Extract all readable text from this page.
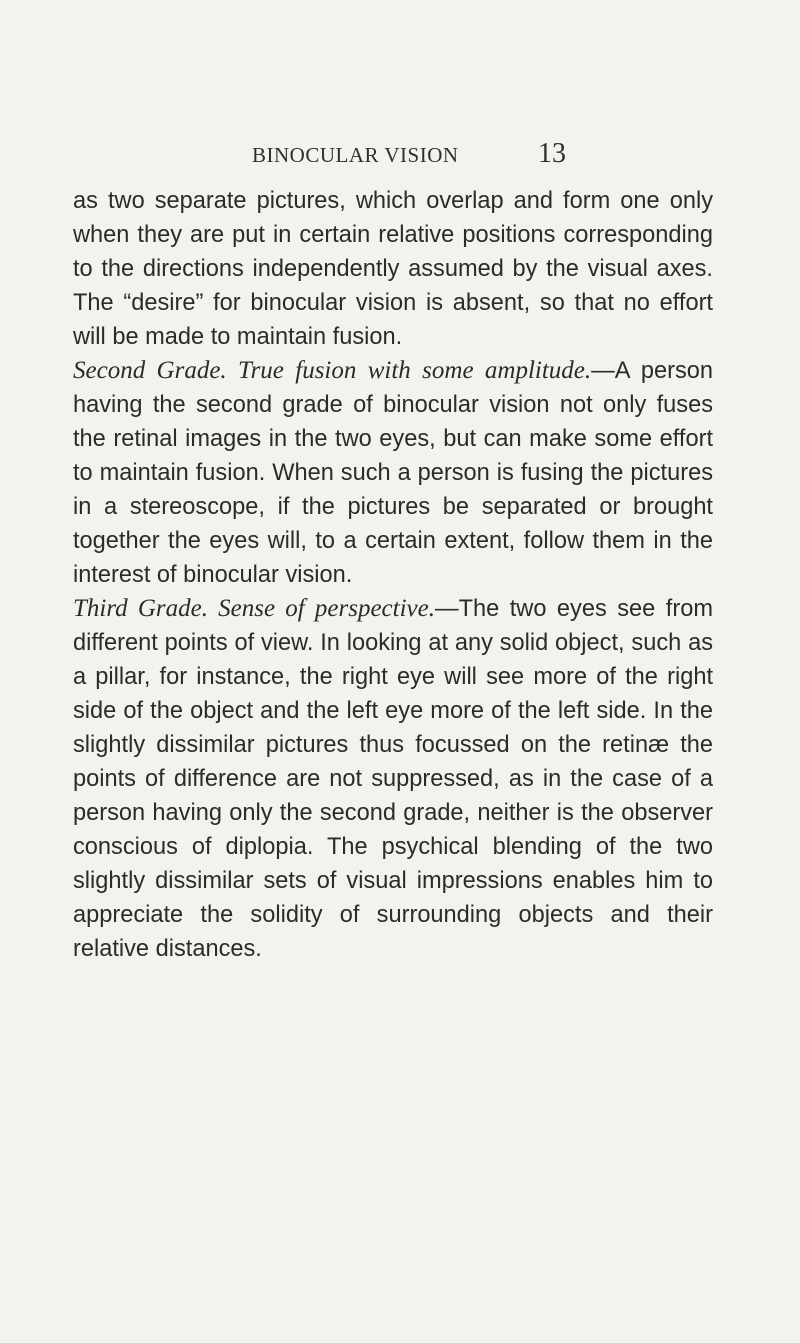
BINOCULAR VISION	13

as two separate pictures, which overlap and form one only when they are put in certain relative positions corresponding to the directions independently assumed by the visual axes. The “desire” for binocular vision is absent, so that no effort will be made to maintain fusion.

Second Grade. True fusion with some amplitude.—A person having the second grade of binocular vision not only fuses the retinal images in the two eyes, but can make some effort to maintain fusion. When such a person is fusing the pictures in a stereoscope, if the pictures be separated or brought together the eyes will, to a certain extent, follow them in the interest of binocular vision.

Third Grade. Sense of perspective.—The two eyes see from different points of view. In looking at any solid object, such as a pillar, for instance, the right eye will see more of the right side of the object and the left eye more of the left side. In the slightly dissimilar pictures thus focussed on the retinæ the points of difference are not suppressed, as in the case of a person having only the second grade, neither is the observer conscious of diplopia. The psychical blending of the two slightly dissimilar sets of visual impressions enables him to appreciate the solidity of surrounding objects and their relative distances.
